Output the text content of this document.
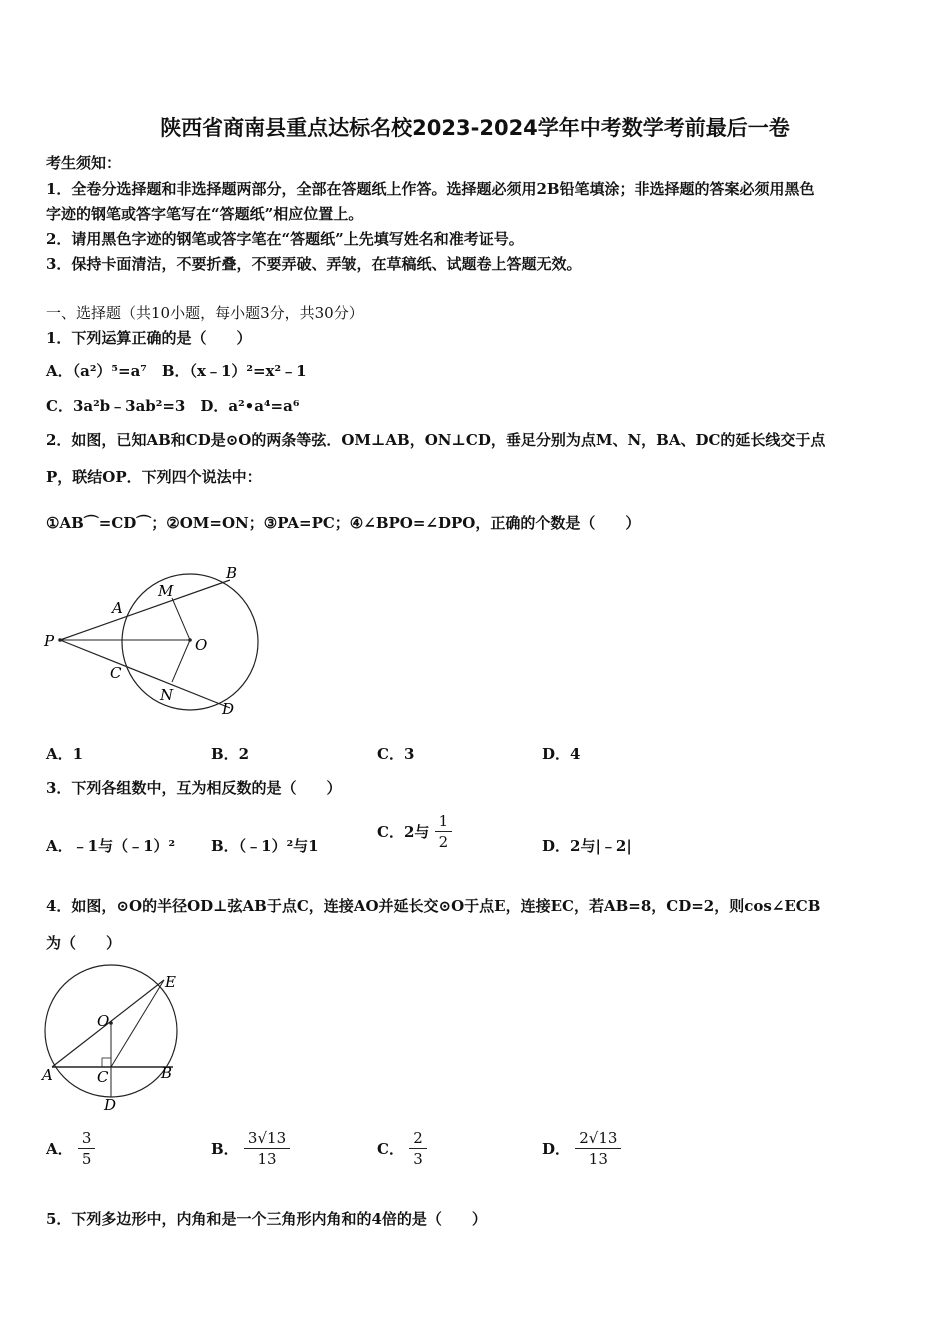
陕西省商南县重点达标名校2023-2024学年中考数学考前最后一卷
考生须知：
1．全卷分选择题和非选择题两部分，全部在答题纸上作答。选择题必须用2B铅笔填涂；非选择题的答案必须用黑色
字迹的钢笔或答字笔写在“答题纸”相应位置上。
2．请用黑色字迹的钢笔或答字笔在“答题纸”上先填写姓名和准考证号。
3．保持卡面清洁，不要折叠，不要弄破、弄皱，在草稿纸、试题卷上答题无效。
一、选择题（共10小题，每小题3分，共30分）
1．下列运算正确的是（　　）
A．（a²）⁵=a⁷　B．（x﹣1）²=x²﹣1
C．3a²b﹣3ab²=3　D．a²•a⁴=a⁶
2．如图，已知AB和CD是⊙O的两条等弦．OM⊥AB，ON⊥CD，垂足分别为点M、N，BA、DC的延长线交于点
P，联结OP．下列四个说法中：
①AB⌒=CD⌒；②OM=ON；③PA=PC；④∠BPO=∠DPO，正确的个数是（　　）
P
A
M
B
O
C
N
D
A．1	B．2	C．3	D．4
3．下列各组数中，互为相反数的是（　　）
A．﹣1与（﹣1）² B．（﹣1）²与1
C．2与 $\frac{1}{2}$	D．2与|﹣2|
4．如图，⊙O的半径OD⊥弦AB于点C，连接AO并延长交⊙O于点E，连接EC，若AB=8，CD=2，则cos∠ECB
为（　　）
O
E
A	C	B
D
A． $\frac{3}{5}$	B． $\frac{3√13}{13}$	C． $\frac{2}{3}$	D． $\frac{2√13}{13}$
5．下列多边形中，内角和是一个三角形内角和的4倍的是（　　）
